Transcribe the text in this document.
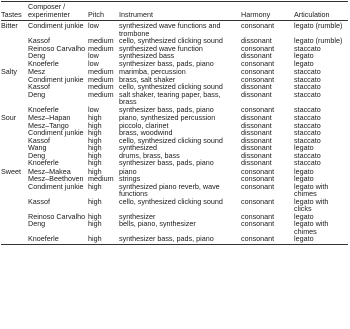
Tastes	Composer /
experimenter	Pitch	Instrument	Harmony	Articulation
Bitter	Condiment junkie	low	synthesized wave functions and trombone	consonant	legato (rumble)
	Kassof	medium	cello, synthesized clicking sound	dissonant	legato (rumble)
	Reinoso Carvalho	medium	synthesized wave function	consonant	staccato
	Deng	low	synthesized bass	dissonant	legato
	Knoeferle	low	synthesizer bass, pads, piano	consonant	legato
Salty	Mesz	medium	marimba, percussion	consonant	staccato
	Condiment junkie	medium	brass, salt shaker	consonant	staccato
	Kassof	medium	cello, synthesized clicking sound	dissonant	staccato
	Deng	medium	salt shaker, tearing paper, bass, brass	dissonant	staccato
	Knoeferle	low	synthesizer bass, pads, piano	consonant	staccato
Sour	Mesz–Hapan	high	piano, synthesized percussion	dissonant	staccato
	Mesz–Tango	high	piccolo, clarinet	dissonant	staccato
	Condiment junkie	high	brass, woodwind	dissonant	staccato
	Kassof	high	cello, synthesized clicking sound	dissonant	staccato
	Wang	high	synthesized	dissonant	legato
	Deng	high	drums, brass, bass	dissonant	staccato
	Knoeferle	high	synthesizer bass, pads, piano	dissonant	staccato
Sweet	Mesz–Makea	high	piano	consonant	legato
	Mesz–Beethoven	medium	strings	consonant	legato
	Condiment junkie	high	synthesized piano reverb, wave functions	consonant	legato with chimes
	Kassof	high	cello, synthesized clicking sound	consonant	legato with clicks
	Reinoso Carvalho	high	synthesizer	consonant	legato
	Deng	high	bells, piano, synthesizer	consonant	legato with chimes
	Knoeferle	high	synthesizer bass, pads, piano	consonant	legato
